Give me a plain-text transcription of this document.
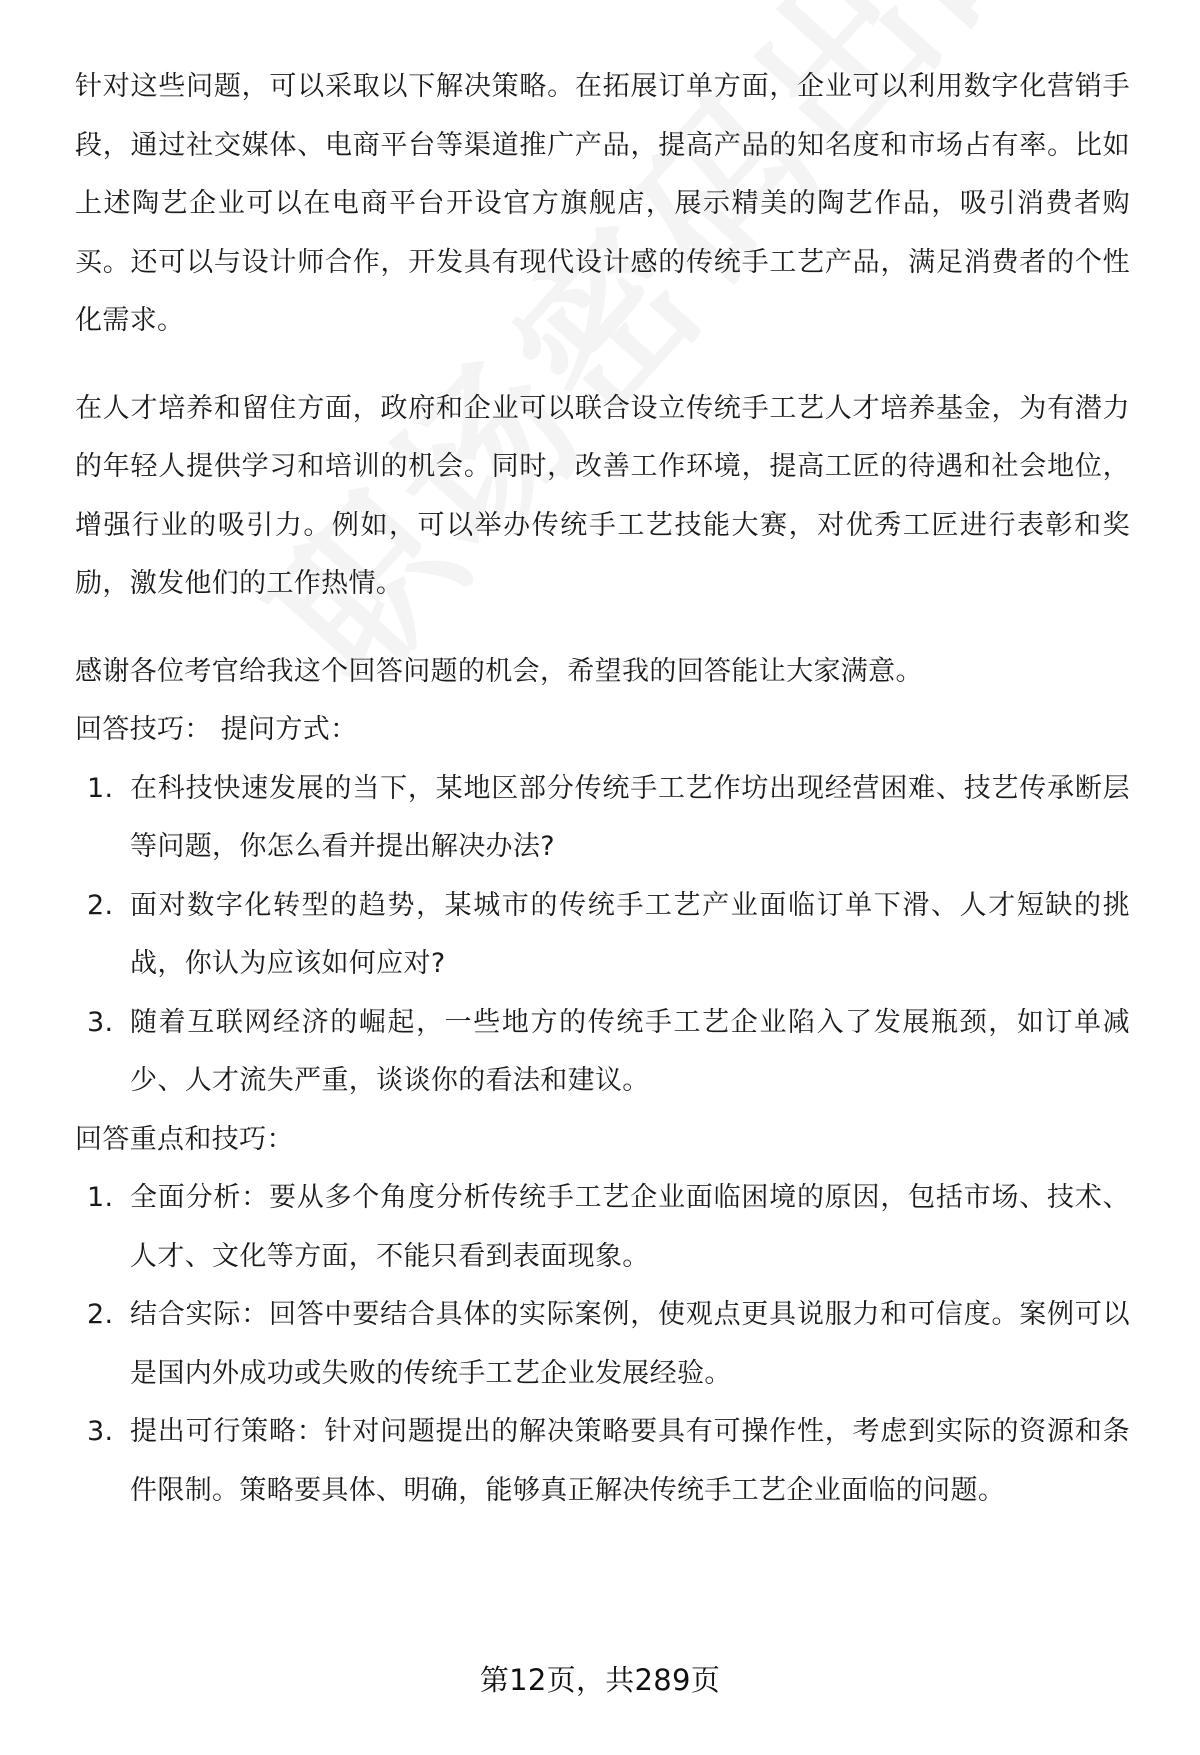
针对这些问题，可以采取以下解决策略。在拓展订单方面，企业可以利用数字化营销手段，通过社交媒体、电商平台等渠道推广产品，提高产品的知名度和市场占有率。比如上述陶艺企业可以在电商平台开设官方旗舰店，展示精美的陶艺作品，吸引消费者购买。还可以与设计师合作，开发具有现代设计感的传统手工艺产品，满足消费者的个性化需求。

在人才培养和留住方面，政府和企业可以联合设立传统手工艺人才培养基金，为有潜力的年轻人提供学习和培训的机会。同时，改善工作环境，提高工匠的待遇和社会地位，增强行业的吸引力。例如，可以举办传统手工艺技能大赛，对优秀工匠进行表彰和奖励，激发他们的工作热情。

感谢各位考官给我这个回答问题的机会，希望我的回答能让大家满意。

回答技巧： 提问方式：

1. 在科技快速发展的当下，某地区部分传统手工艺作坊出现经营困难、技艺传承断层等问题，你怎么看并提出解决办法?
2. 面对数字化转型的趋势，某城市的传统手工艺产业面临订单下滑、人才短缺的挑战，你认为应该如何应对?
3. 随着互联网经济的崛起，一些地方的传统手工艺企业陷入了发展瓶颈，如订单减少、人才流失严重，谈谈你的看法和建议。

回答重点和技巧：

1. 全面分析：要从多个角度分析传统手工艺企业面临困境的原因，包括市场、技术、人才、文化等方面，不能只看到表面现象。
2. 结合实际：回答中要结合具体的实际案例，使观点更具说服力和可信度。案例可以是国内外成功或失败的传统手工艺企业发展经验。
3. 提出可行策略：针对问题提出的解决策略要具有可操作性，考虑到实际的资源和条件限制。策略要具体、明确，能够真正解决传统手工艺企业面临的问题。
第12页，共289页
